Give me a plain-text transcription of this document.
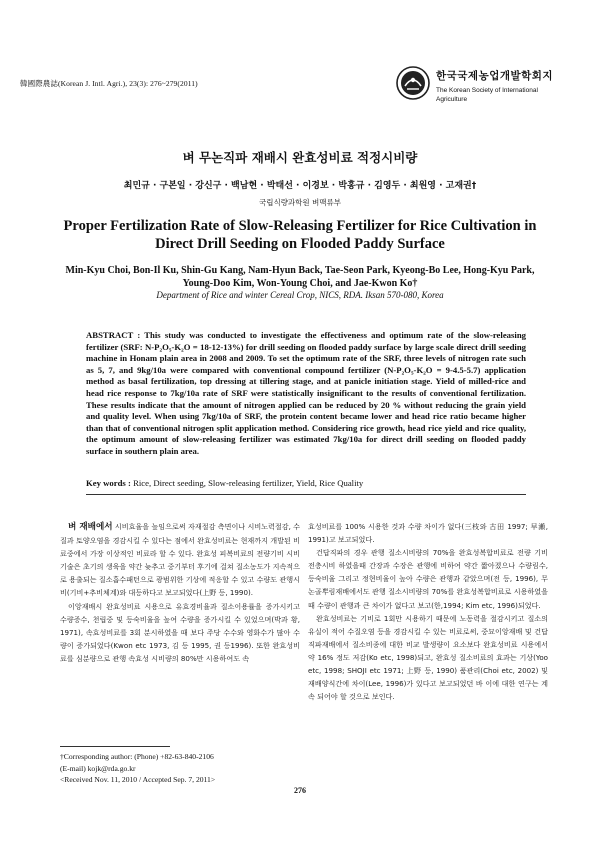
韓國際農誌(Korean J. Intl. Agri.), 23(3): 276~279(2011)
한국국제농업개발학회지
The Korean Society of International Agriculture
벼 무논직파 재배시 완효성비료 적정시비량
최민규 · 구본일 · 강신구 · 백남현 · 박태선 · 이경보 · 박홍규 · 김영두 · 최원영 · 고재권†
국립식량과학원 벼맥류부
Proper Fertilization Rate of Slow-Releasing Fertilizer for Rice Cultivation in Direct Drill Seeding on Flooded Paddy Surface
Min-Kyu Choi, Bon-Il Ku, Shin-Gu Kang, Nam-Hyun Back, Tae-Seon Park, Kyeong-Bo Lee, Hong-Kyu Park, Young-Doo Kim, Won-Young Choi, and Jae-Kwon Ko†
Department of Rice and winter Cereal Crop, NICS, RDA. Iksan 570-080, Korea
ABSTRACT : This study was conducted to investigate the effectiveness and optimum rate of the slow-releasing fertilizer (SRF: N-P₂O₅-K₂O = 18-12-13%) for drill seeding on flooded paddy surface by large scale direct drill seeding machine in Honam plain area in 2008 and 2009. To set the optimum rate of the SRF, three levels of nitrogen rate such as 5, 7, and 9kg/10a were compared with conventional compound fertilizer (N-P₂O₅-K₂O = 9-4.5-5.7) application method as basal fertilization, top dressing at tillering stage, and at panicle initiation stage. Yield of milled-rice and head rice response to 7kg/10a rate of SRF were statistically insignificant to the results of conventional fertilization. These results indicate that the amount of nitrogen applied can be reduced by 20 % without reducing the grain yield and quality level. When using 7kg/10a of SRF, the protein content became lower and head rice ratio became higher than that of conventional nitrogen split application method. Considering rice growth, head rice yield and rice quality, the optimum amount of slow-releasing fertilizer was estimated 7kg/10a for direct drill seeding on flooded paddy surface in southern plain area.
Key words : Rice, Direct seeding, Slow-releasing fertilizer, Yield, Rice Quality

벼 재배에서 시비효율을 높임으로써 자재절감 측면이나 시비노력절감, 수질과 토양오염을 경감시킬 수 있다는 점에서 완효성비료는 현재까지 개발된 비료중에서 가장 이상적인 비료라 할 수 있다. 완효성 피복비료의 전량기비 시비기술은 초기의 생육을 약간 늦추고 중기부터 후기에 걸쳐 질소농도가 지속적으로 용출되는 질소흡수패턴으로 광범위한 기상에 적응할 수 있고 수량도 관행시비(기비+추비체계)와 대등하다고 보고되었다(上野 등, 1990).

이앙재배시 완효성비료 시용으로 유효경비율과 질소이용률을 증가시키고 수량증수, 천립중 및 등숙비율을 높여 수량을 증가시킬 수 있었으며(박과 황, 1971), 속효성비료를 3회 분시하였을 때 보다 주당 수수와 영화수가 많아 수량이 증가되었다(Kwon etc 1973, 김 등 1995, 권 등1996). 또한 완효성비료를 심분량으로 관행 속효성 시비량의 80%만 시용하여도 속

효성비료를 100% 시용한 것과 수량 차이가 없다(三枝와 古田 1997; 早瀨, 1991)고 보고되었다.

건답직파의 경우 관행 질소시비량의 70%을 완효성복합비료로 전량 기비 전층시비 하였을때 간장과 수장은 관행에 비하여 약간 짧아졌으나 수량림수, 등숙비율 그리고 정현비율이 높아 수량은 관행과 같았으며(전 등, 1996), 무논골뿌림재배에서도 관행 질소시비량의 70%를 완효성복합비료로 시용하였을 때 수량이 관행과 큰 차이가 없다고 보고(한,1994; Kim etc, 1996)되었다.

완효성비료는 기비로 1회만 시용하기 때문에 노동력을 절감시키고 질소의 유실이 적어 수질오염 등을 경감시킬 수 있는 비료로써, 중묘이앙재배 및 건답직파재배에서 질소비종에 대한 비교 발생량이 요소보다 완효성비료 시용에서 약 16% 정도 저감(Ko etc, 1998)되고, 완효성 질소비료의 효과는 기상(Yoo etc, 1998; SHOJI etc 1971; 上野 등, 1990) 품관리(Choi etc, 2002) 및 재배양식간에 차이(Lee, 1996)가 있다고 보고되었던 바 이에 대한 연구는 계속 되어야 할 것으로 보인다.

†Corresponding author: (Phone) +82-63-840-2106
(E-mail) kojk@rda.go.kr
<Received Nov. 11, 2010 / Accepted Sep. 7, 2011>
276
